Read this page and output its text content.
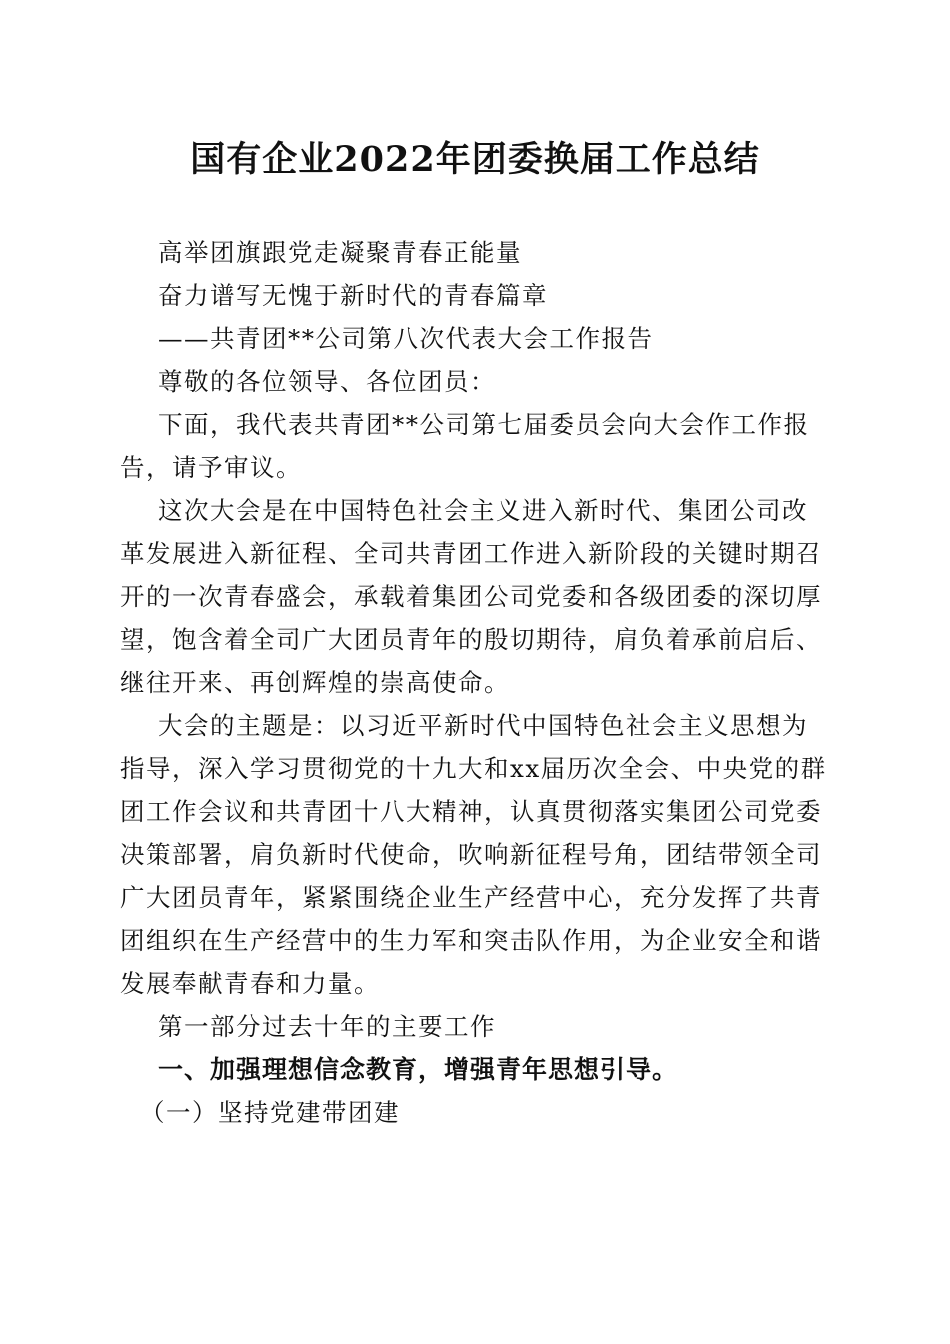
国有企业2022年团委换届工作总结

高举团旗跟党走凝聚青春正能量

奋力谱写无愧于新时代的青春篇章

——共青团**公司第八次代表大会工作报告

尊敬的各位领导、各位团员：

下面，我代表共青团**公司第七届委员会向大会作工作报告，请予审议。

这次大会是在中国特色社会主义进入新时代、集团公司改革发展进入新征程、全司共青团工作进入新阶段的关键时期召开的一次青春盛会，承载着集团公司党委和各级团委的深切厚望，饱含着全司广大团员青年的殷切期待，肩负着承前启后、继往开来、再创辉煌的崇高使命。

大会的主题是：以习近平新时代中国特色社会主义思想为指导，深入学习贯彻党的十九大和xx届历次全会、中央党的群团工作会议和共青团十八大精神，认真贯彻落实集团公司党委决策部署，肩负新时代使命，吹响新征程号角，团结带领全司广大团员青年，紧紧围绕企业生产经营中心，充分发挥了共青团组织在生产经营中的生力军和突击队作用，为企业安全和谐发展奉献青春和力量。

第一部分过去十年的主要工作

一、加强理想信念教育，增强青年思想引导。

（一）坚持党建带团建
